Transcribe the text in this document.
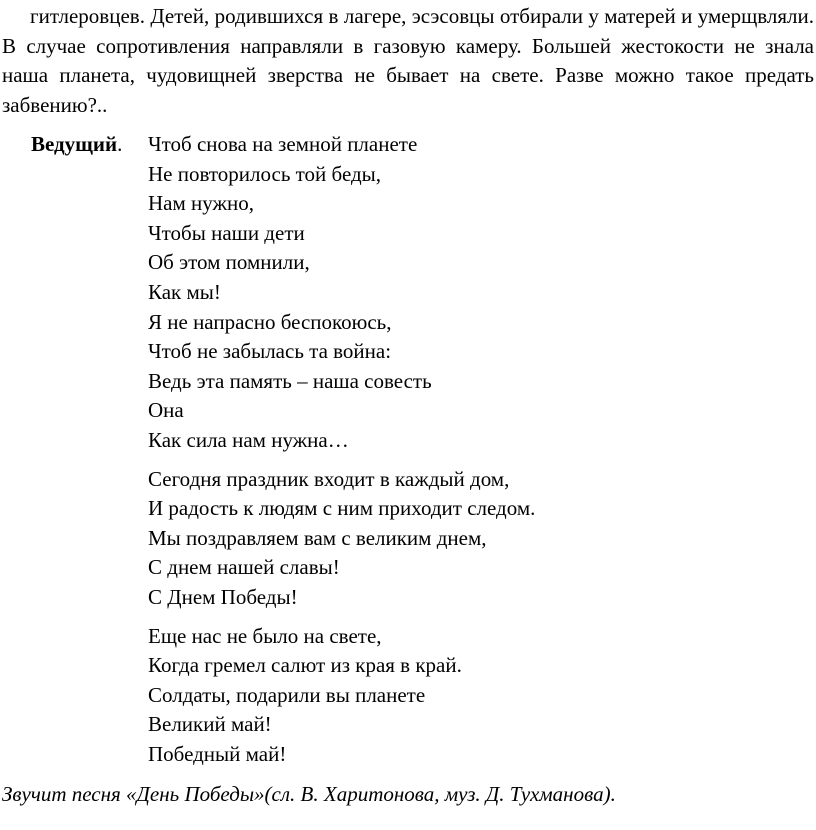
гитлеровцев. Детей, родившихся в лагере, эсэсовцы отбирали у матерей и умерщвляли. В случае сопротивления направляли в газовую камеру. Большей жестокости не знала наша планета, чудовищней зверства не бывает на свете. Разве можно такое предать забвению?..

Ведущий. Чтоб снова на земной планете
Не повторилось той беды,
Нам нужно,
Чтобы наши дети
Об этом помнили,
Как мы!
Я не напрасно беспокоюсь,
Чтоб не забылась та война:
Ведь эта память – наша совесть
Она
Как сила нам нужна…
Сегодня праздник входит в каждый дом,
И радость к людям с ним приходит следом.
Мы поздравляем вам с великим днем,
С днем нашей славы!
С Днем Победы!
Еще нас не было на свете,
Когда гремел салют из края в край.
Солдаты, подарили вы планете
Великий май!
Победный май!
Звучит песня «День Победы»(сл. В. Харитонова, муз. Д. Тухманова).
